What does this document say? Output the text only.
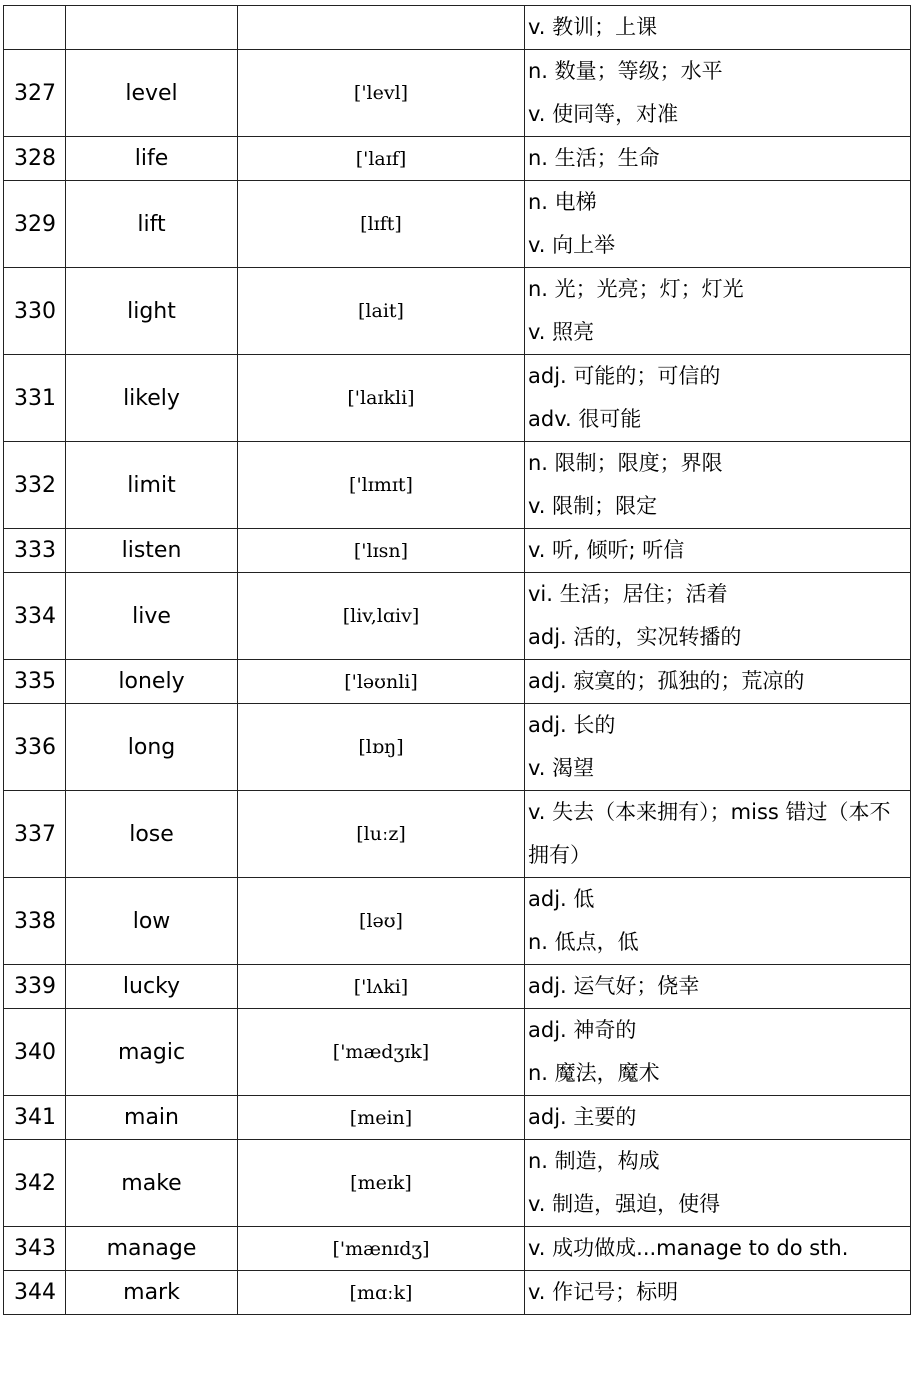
			v. 教训；上课

327	level	['levl]	n. 数量；等级；水平
v. 使同等，对准

328	life	['laɪf]	n. 生活；生命

329	lift	[lɪft]	n. 电梯
v. 向上举

330	light	[lait]	n. 光；光亮；灯；灯光
v. 照亮

331	likely	['laɪkli]	adj. 可能的；可信的
adv. 很可能

332	limit	['lɪmɪt]	n. 限制；限度；界限
v. 限制；限定

333	listen	['lɪsn]	v. 听, 倾听; 听信

334	live	[liv,lɑiv]	vi. 生活；居住；活着
adj. 活的，实况转播的

335	lonely	['ləʊnli]	adj. 寂寞的；孤独的；荒凉的

336	long	[lɒŋ]	adj. 长的
v. 渴望

337	lose	[luːz]	v. 失去（本来拥有）；miss 错过（本不
拥有）

338	low	[ləʊ]	adj. 低
n. 低点，低

339	lucky	['lʌki]	adj. 运气好；侥幸

340	magic	['mædʒɪk]	adj. 神奇的
n. 魔法，魔术

341	main	[mein]	adj. 主要的

342	make	[meɪk]	n. 制造，构成
v. 制造，强迫，使得

343	manage	['mænɪdʒ]	v. 成功做成...manage to do sth.

344	mark	[mɑːk]	v. 作记号；标明
